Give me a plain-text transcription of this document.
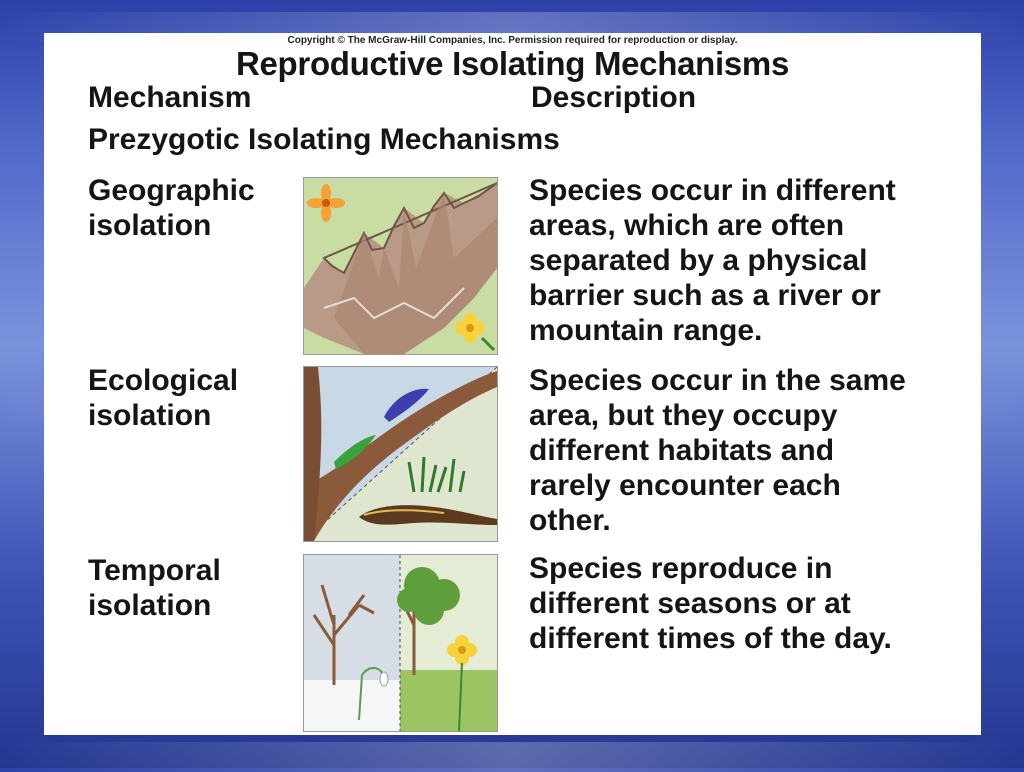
Copyright © The McGraw-Hill Companies, Inc. Permission required for reproduction or display.
Reproductive Isolating Mechanisms
Mechanism	Description
Prezygotic Isolating Mechanisms
Geographic
isolation
Species occur in different
areas, which are often
separated by a physical
barrier such as a river or
mountain range.
Ecological
isolation
Species occur in the same
area, but they occupy
different habitats and
rarely encounter each
other.
Temporal
isolation
Species reproduce in
different seasons or at
different times of the day.
